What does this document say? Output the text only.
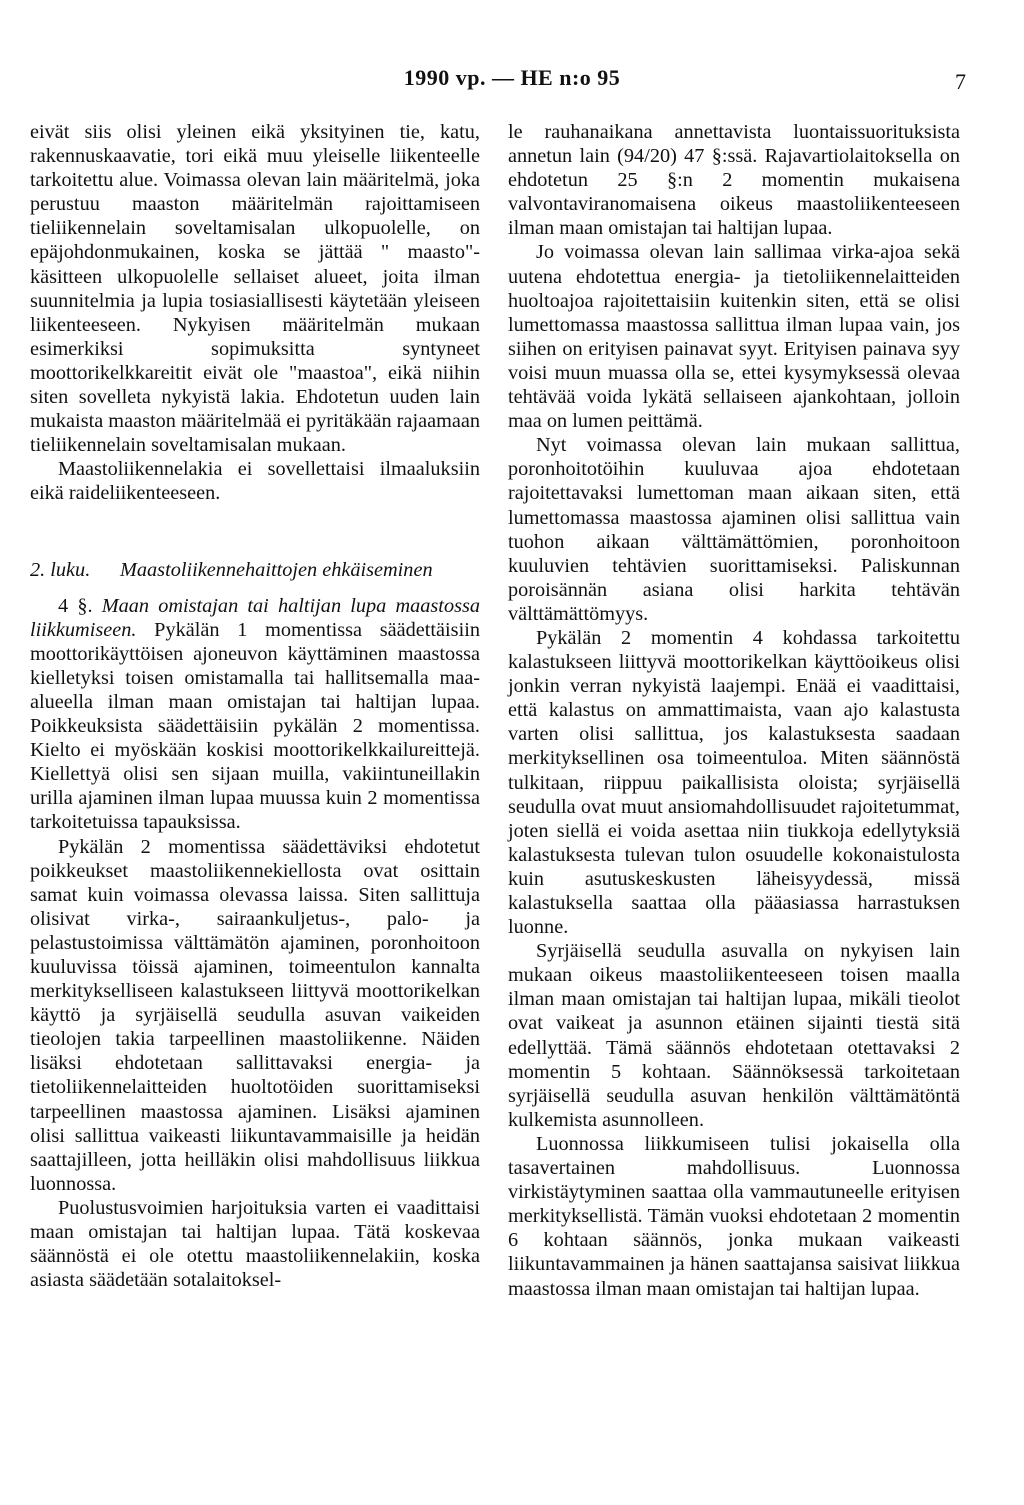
1990 vp. — HE n:o 95	7

eivät siis olisi yleinen eikä yksityinen tie, katu, rakennuskaavatie, tori eikä muu yleiselle liikenteelle tarkoitettu alue. Voimassa olevan lain määritelmä, joka perustuu maaston määritelmän rajoittamiseen tieliikennelain soveltamisalan ulkopuolelle, on epäjohdonmukainen, koska se jättää " maasto"-käsitteen ulkopuolelle sellaiset alueet, joita ilman suunnitelmia ja lupia tosiasiallisesti käytetään yleiseen liikenteeseen. Nykyisen määritelmän mukaan esimerkiksi sopimuksitta syntyneet moottorikelkkareitit eivät ole "maastoa", eikä niihin siten sovelleta nykyistä lakia. Ehdotetun uuden lain mukaista maaston määritelmää ei pyritäkään rajaamaan tieliikennelain soveltamisalan mukaan.

Maastoliikennelakia ei sovellettaisi ilmaaluksiin eikä raideliikenteeseen.

2. luku.	Maastoliikennehaittojen ehkäiseminen

4 §. Maan omistajan tai haltijan lupa maastossa liikkumiseen. Pykälän 1 momentissa säädettäisiin moottorikäyttöisen ajoneuvon käyttäminen maastossa kielletyksi toisen omistamalla tai hallitsemalla maa-alueella ilman maan omistajan tai haltijan lupaa. Poikkeuksista säädettäisiin pykälän 2 momentissa. Kielto ei myöskään koskisi moottorikelkkailureittejä. Kiellettyä olisi sen sijaan muilla, vakiintuneillakin urilla ajaminen ilman lupaa muussa kuin 2 momentissa tarkoitetuissa tapauksissa.

Pykälän 2 momentissa säädettäviksi ehdotetut poikkeukset maastoliikennekiellosta ovat osittain samat kuin voimassa olevassa laissa. Siten sallittuja olisivat virka-, sairaankuljetus-, palo- ja pelastustoimissa välttämätön ajaminen, poronhoitoon kuuluvissa töissä ajaminen, toimeentulon kannalta merkitykselliseen kalastukseen liittyvä moottorikelkan käyttö ja syrjäisellä seudulla asuvan vaikeiden tieolojen takia tarpeellinen maastoliikenne. Näiden lisäksi ehdotetaan sallittavaksi energia- ja tietoliikennelaitteiden huoltotöiden suorittamiseksi tarpeellinen maastossa ajaminen. Lisäksi ajaminen olisi sallittua vaikeasti liikuntavammaisille ja heidän saattajilleen, jotta heilläkin olisi mahdollisuus liikkua luonnossa.

Puolustusvoimien harjoituksia varten ei vaadittaisi maan omistajan tai haltijan lupaa. Tätä koskevaa säännöstä ei ole otettu maastoliikennelakiin, koska asiasta säädetään sotalaitoksel-

le rauhanaikana annettavista luontaissuorituksista annetun lain (94/20) 47 §:ssä. Rajavartiolaitoksella on ehdotetun 25 §:n 2 momentin mukaisena valvontaviranomaisena oikeus maastoliikenteeseen ilman maan omistajan tai haltijan lupaa.

Jo voimassa olevan lain sallimaa virka-ajoa sekä uutena ehdotettua energia- ja tietoliikennelaitteiden huoltoajoa rajoitettaisiin kuitenkin siten, että se olisi lumettomassa maastossa sallittua ilman lupaa vain, jos siihen on erityisen painavat syyt. Erityisen painava syy voisi muun muassa olla se, ettei kysymyksessä olevaa tehtävää voida lykätä sellaiseen ajankohtaan, jolloin maa on lumen peittämä.

Nyt voimassa olevan lain mukaan sallittua, poronhoitotöihin kuuluvaa ajoa ehdotetaan rajoitettavaksi lumettoman maan aikaan siten, että lumettomassa maastossa ajaminen olisi sallittua vain tuohon aikaan välttämättömien, poronhoitoon kuuluvien tehtävien suorittamiseksi. Paliskunnan poroisännän asiana olisi harkita tehtävän välttämättömyys.

Pykälän 2 momentin 4 kohdassa tarkoitettu kalastukseen liittyvä moottorikelkan käyttöoikeus olisi jonkin verran nykyistä laajempi. Enää ei vaadittaisi, että kalastus on ammattimaista, vaan ajo kalastusta varten olisi sallittua, jos kalastuksesta saadaan merkityksellinen osa toimeentuloa. Miten säännöstä tulkitaan, riippuu paikallisista oloista; syrjäisellä seudulla ovat muut ansiomahdollisuudet rajoitetummat, joten siellä ei voida asettaa niin tiukkoja edellytyksiä kalastuksesta tulevan tulon osuudelle kokonaistulosta kuin asutuskeskusten läheisyydessä, missä kalastuksella saattaa olla pääasiassa harrastuksen luonne.

Syrjäisellä seudulla asuvalla on nykyisen lain mukaan oikeus maastoliikenteeseen toisen maalla ilman maan omistajan tai haltijan lupaa, mikäli tieolot ovat vaikeat ja asunnon etäinen sijainti tiestä sitä edellyttää. Tämä säännös ehdotetaan otettavaksi 2 momentin 5 kohtaan. Säännöksessä tarkoitetaan syrjäisellä seudulla asuvan henkilön välttämätöntä kulkemista asunnolleen.

Luonnossa liikkumiseen tulisi jokaisella olla tasavertainen mahdollisuus. Luonnossa virkistäytyminen saattaa olla vammautuneelle erityisen merkityksellistä. Tämän vuoksi ehdotetaan 2 momentin 6 kohtaan säännös, jonka mukaan vaikeasti liikuntavammainen ja hänen saattajansa saisivat liikkua maastossa ilman maan omistajan tai haltijan lupaa.
